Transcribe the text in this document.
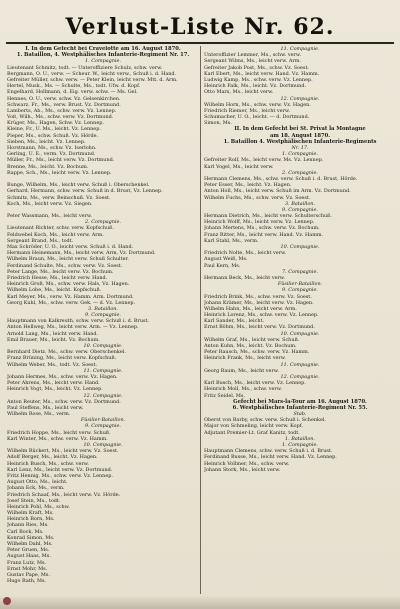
Verlust-Liste Nr. 62.
I. In dem Gefecht bei Cravelotte am 16. August 1870.
1. Bataillon, 4. Westphälisches Infanterie-Regiment Nr. 17.
1. Compagnie.
Lieutenant Schmitz, todt. — Unteroffiziere Schulz, schw. verw.
Bergmann, O. U., verw. — Scheur. W., leicht verw., Schuß i. d. Hand.
Gefreiter Müller, schw. verw. — Peter Klein, leicht verw. Mtt. d. Arm.
Hertel, Musk., Ms. — Schulte, Ms., todt. Ufw. d. Kopf.
Engelhard, Hollmann, d. Eig. verw. schw. — Ms. Gel.
Hennes, O. U., verw. schw. Vz. Gelsenkirchen.
Schwarz, Fr., Ms., verw. Brust. Vz. Dortmund.
Lamberts, Ab., Ms., schw. verw. Vz. Lennep.
Voß, Wilh., Ms., schw. verw. Vz. Dortmund.
Krüger, Ms., Hagen, Schw. Vz. Lennep.
Kleine, Fr., U. Ms., leicht. Vz. Lennep.
Pieper, Ms., schw. Schuß. Vz. Hörde.
Sieben, Ms., leicht. Vz. Lennep.
Horstmann, Ms., schw. Vz. Iserlohn.
Gerling, U. E., verm. Vz. Dortmund.
Müller, Fr., Ms., leicht verw. Vz. Dortmund.
Brenne, Ms., leicht. Vz. Bochum.
Rappe, Sch., Ms., leicht verw. Vz. Lennep.
Bunge, Wilhelm, Ms., leicht verw. Schuß i. Oberschenkel.
Gerhard, Hermann, schw. verw. Schuß in d. Brust, Vz. Lennep.
Schmitz, Ms., verw. Beinschuß. Vz. Soest.
Koch, Ms., leicht verw. Vz. Siegen.
Peter Wassmann, Ms., leicht verw.
2. Compagnie.
Lieutenant Richter, schw. verw. Kopfschuß.
Feldwebel Koch, Ms., leicht verw. Arm.
Sergeant Brand, Ms., todt.
Max Schröder, U. O., leicht verw. Schuß i. d. Hand.
Hermann Heinemann, Ms., leicht verw. Arm, Vz. Dortmund.
Wilhelm Braun, Ms., leicht verw. Schuß Schulter.
Ferdinand Schulte, Ms., schw. verw. Vz. Soest.
Peter Lange, Ms., leicht verw. Vz. Bochum.
Friedrich Hesse, Ms., leicht verw. Hand.
Heinrich Groß, Ms., schw. verw. Hals, Vz. Hagen.
Wilhelm Lobe, Ms., leicht. Kopfschuß.
Karl Meyer, Ms., verw. Vz. Hamm. Arm. Dortmund.
Georg Kuhl, Ms., schw. verw. Gek. — d. Vz. Lennep.
3. Bataillon.
9. Compagnie.
Hauptmann von Kalkreuth, schw. verw. Schuß i. d. Brust.
Anton Hellweg, Ms., leicht verw. Arm. — Vz. Lennep.
Arnold Lang, Ms., leicht verw. Hand.
Emil Brauer, Ms., leicht. Vz. Bochum.
10. Compagnie.
Bernhard Dietz, Ms., schw. verw. Oberschenkel.
Franz Brüning, Ms., leicht verw. Kopfschuß.
Wilhelm Weber, Ms., todt. Vz. Soest.
11. Compagnie.
Johann Hermes, Ms., schw. verw. Vz. Hagen.
Peter Ahrens, Ms., leicht verw. Hand.
Heinrich Vogt, Ms., leicht. Vz. Lennep.
12. Compagnie.
Anton Reuter, Ms., schw. verw. Vz. Dortmund.
Paul Steffens, Ms., leicht verw.
Wilhelm Rose, Ms., verm.
Füsilier-Bataillon.
9. Compagnie.
Friedrich Hoppe, Ms., leicht verw. Schuß.
Karl Winter, Ms., schw. verw. Vz. Hamm.
10. Compagnie.
Wilhelm Rückert, Ms., leicht verw. Vz. Soest.
Adolf Berger, Ms., leicht. Vz. Hagen.
Heinrich Busch, Ms., schw. verw.
Karl Lenz, Ms., leicht verw. Vz. Dortmund.
Fritz Hennig, Ms., schw. verw. Vz. Lennep.
August Otto, Ms., leicht.
Johann Eck, Ms., verm.
Friedrich Schaaf, Ms., leicht verw. Vz. Hörde.
Josef Stein, Ms., todt.
Heinrich Pohl, Ms., schw.
Wilhelm Kraft, Ms.
Heinrich Born, Ms.
Johann Ries, Ms.
Carl Bock, Ms.
Konrad Simon, Ms.
Wilhelm Dahl, Ms.
Peter Gruen, Ms.
August Haas, Ms.
Franz Lutz, Ms.
Ernst Mohr, Ms.
Gustav Pape, Ms.
Hugo Rath, Ms.
11. Compagnie.
Unteroffizier Lemmer, Ms., schw. verw.
Sergeant Wilms, Ms., leicht verw. Arm.
Gefreiter Jakob Post, Ms., schw. Vz. Soest.
Karl Ebert, Ms., leicht verw. Hand. Vz. Hamm.
Ludwig Kamp, Ms., schw. verw. Vz. Lennep.
Heinrich Falk, Ms., leicht. Vz. Dortmund.
Otto Marx, Ms., leicht verw.
12. Compagnie.
Wilhelm Horn, Ms., schw. verw. Vz. Hagen.
Friedrich Riemer, Ms., leicht verw.
Schumacher, U. O., leicht. — d. Dortmund.
Simon, Ms.
II. In dem Gefecht bei St. Privat la Montagne
am 18. August 1870.
1. Bataillon 4. Westphälischen Infanterie-Regiments
Nr. 17.
1. Compagnie.
Gefreiter Rolf, Ms., leicht verw. Ms. Vz. Lennep.
Karl Vogel, Ms., leicht verw.
2. Compagnie.
Hermann Clemens, Ms., schw. verw. Schuß i. d. Brust, Hörde.
Peter Esser, Ms., leicht. Vz. Hagen.
Anton Holl, Ms., leicht verw. Schuß im Arm. Vz. Dortmund.
Wilhelm Fuchs, Ms., schw. verw. Vz. Soest.
3. Bataillon.
9. Compagnie.
Hermann Dietrich, Ms., leicht verw. Schulterschuß.
Heinrich Wolff, Ms., leicht verw. Vz. Lennep.
Johann Mertens, Ms., schw. verw. Vz. Bochum.
Franz Ritter, Ms., leicht verw. Hand. Vz. Hamm.
Karl Stahl, Ms., verm.
10. Compagnie.
Friedrich Nolte, Ms., leicht verw.
August Weiß, Ms.
Paul Kern, Ms.
7. Compagnie.
Hermann Beck, Ms., leicht verw.
Füsilier-Bataillon.
9. Compagnie.
Friedrich Brink, Ms., schw. verw. Vz. Soest.
Johann Krämer, Ms., leicht verw. Vz. Hagen.
Wilhelm Hahn, Ms., leicht verw. Arm.
Heinrich Lorenz, Ms., schw. verw. Vz. Lennep.
Karl Sander, Ms., leicht.
Ernst Böhm, Ms., leicht verw. Vz. Dortmund.
10. Compagnie.
Wilhelm Graf, Ms., leicht verw. Schuß.
Anton Kuhn, Ms., leicht. Vz. Bochum.
Peter Rausch, Ms., schw. verw. Vz. Hamm.
Heinrich Frank, Ms., leicht verw.
11. Compagnie.
Georg Baum, Ms., leicht verw.
12. Compagnie.
Karl Busch, Ms., leicht verw. Vz. Lennep.
Heinrich Moll, Ms., schw. verw.
Fritz Seidel, Ms.
Gefecht bei Mars-la-Tour am 16. August 1870.
6. Westphälisches Infanterie-Regiment Nr. 55.
Stab.
Oberst von Barby, schw. verw. Schuß i. Schenkel.
Major von Schmeling, leicht verw. Kopf.
Adjutant Premier-Lt. Graf Kanitz, todt.
1. Bataillon.
1. Compagnie.
Hauptmann Clemens, schw. verw. Schuß i. d. Brust.
Ferdinand Busse, Ms., leicht verw. Hand. Vz. Lennep.
Heinrich Vollmer, Ms., schw. verw.
Johann Stork, Ms., leicht verw.
